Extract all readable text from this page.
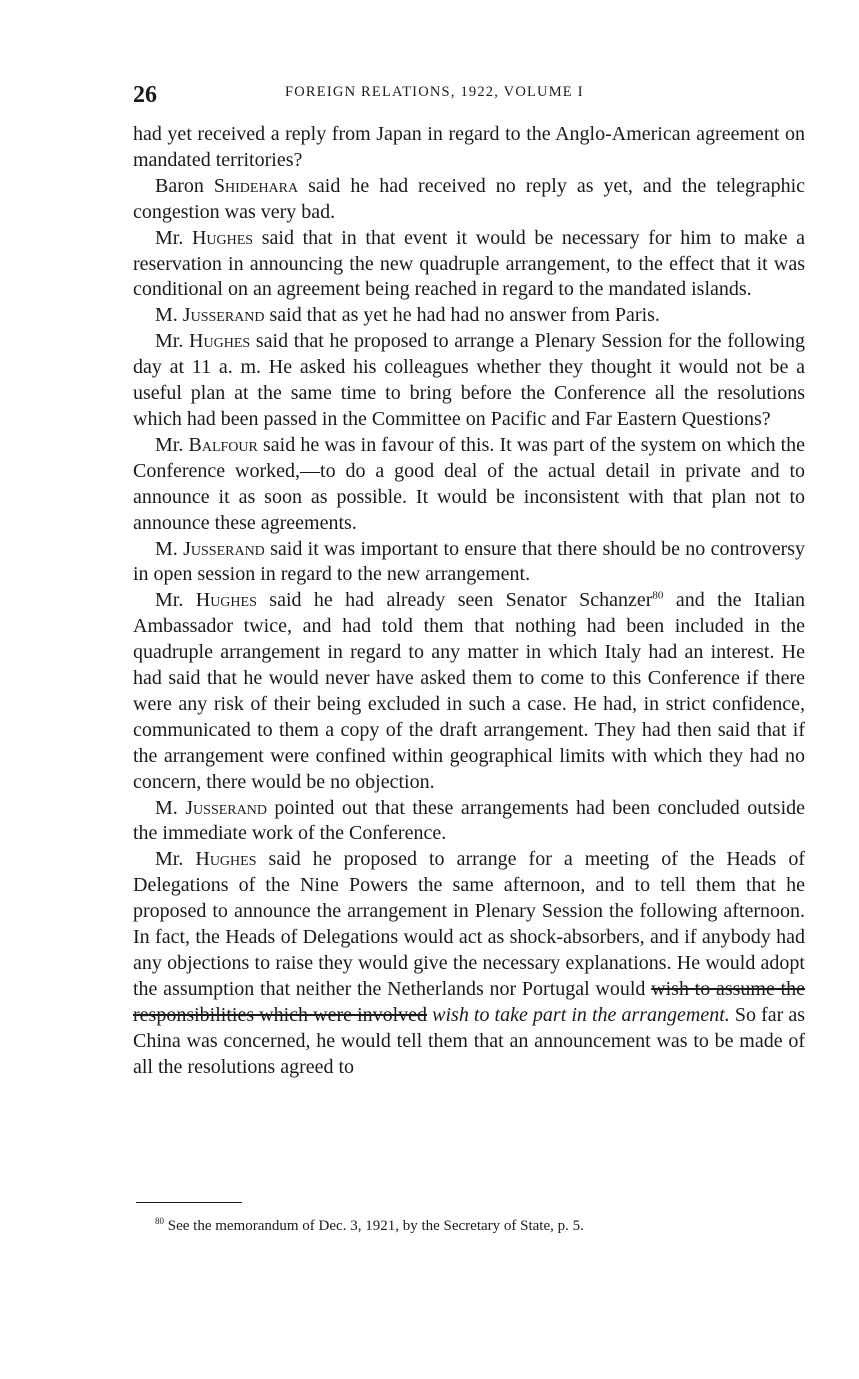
26	FOREIGN RELATIONS, 1922, VOLUME I

had yet received a reply from Japan in regard to the Anglo-American agreement on mandated territories?

Baron Shidehara said he had received no reply as yet, and the telegraphic congestion was very bad.

Mr. Hughes said that in that event it would be necessary for him to make a reservation in announcing the new quadruple arrangement, to the effect that it was conditional on an agreement being reached in regard to the mandated islands.

M. Jusserand said that as yet he had had no answer from Paris.

Mr. Hughes said that he proposed to arrange a Plenary Session for the following day at 11 a. m. He asked his colleagues whether they thought it would not be a useful plan at the same time to bring before the Conference all the resolutions which had been passed in the Committee on Pacific and Far Eastern Questions?

Mr. Balfour said he was in favour of this. It was part of the system on which the Conference worked,—to do a good deal of the actual detail in private and to announce it as soon as possible. It would be inconsistent with that plan not to announce these agreements.

M. Jusserand said it was important to ensure that there should be no controversy in open session in regard to the new arrangement.

Mr. Hughes said he had already seen Senator Schanzer$^{80}$ and the Italian Ambassador twice, and had told them that nothing had been included in the quadruple arrangement in regard to any matter in which Italy had an interest. He had said that he would never have asked them to come to this Conference if there were any risk of their being excluded in such a case. He had, in strict confidence, communicated to them a copy of the draft arrangement. They had then said that if the arrangement were confined within geographical limits with which they had no concern, there would be no objection.

M. Jusserand pointed out that these arrangements had been concluded outside the immediate work of the Conference.

Mr. Hughes said he proposed to arrange for a meeting of the Heads of Delegations of the Nine Powers the same afternoon, and to tell them that he proposed to announce the arrangement in Plenary Session the following afternoon. In fact, the Heads of Delegations would act as shock-absorbers, and if anybody had any objections to raise they would give the necessary explanations. He would adopt the assumption that neither the Netherlands nor Portugal would wish to assume the responsibilities which were involved wish to take part in the arrangement. So far as China was concerned, he would tell them that an announcement was to be made of all the resolutions agreed to

$^{80}$ See the memorandum of Dec. 3, 1921, by the Secretary of State, p. 5.
